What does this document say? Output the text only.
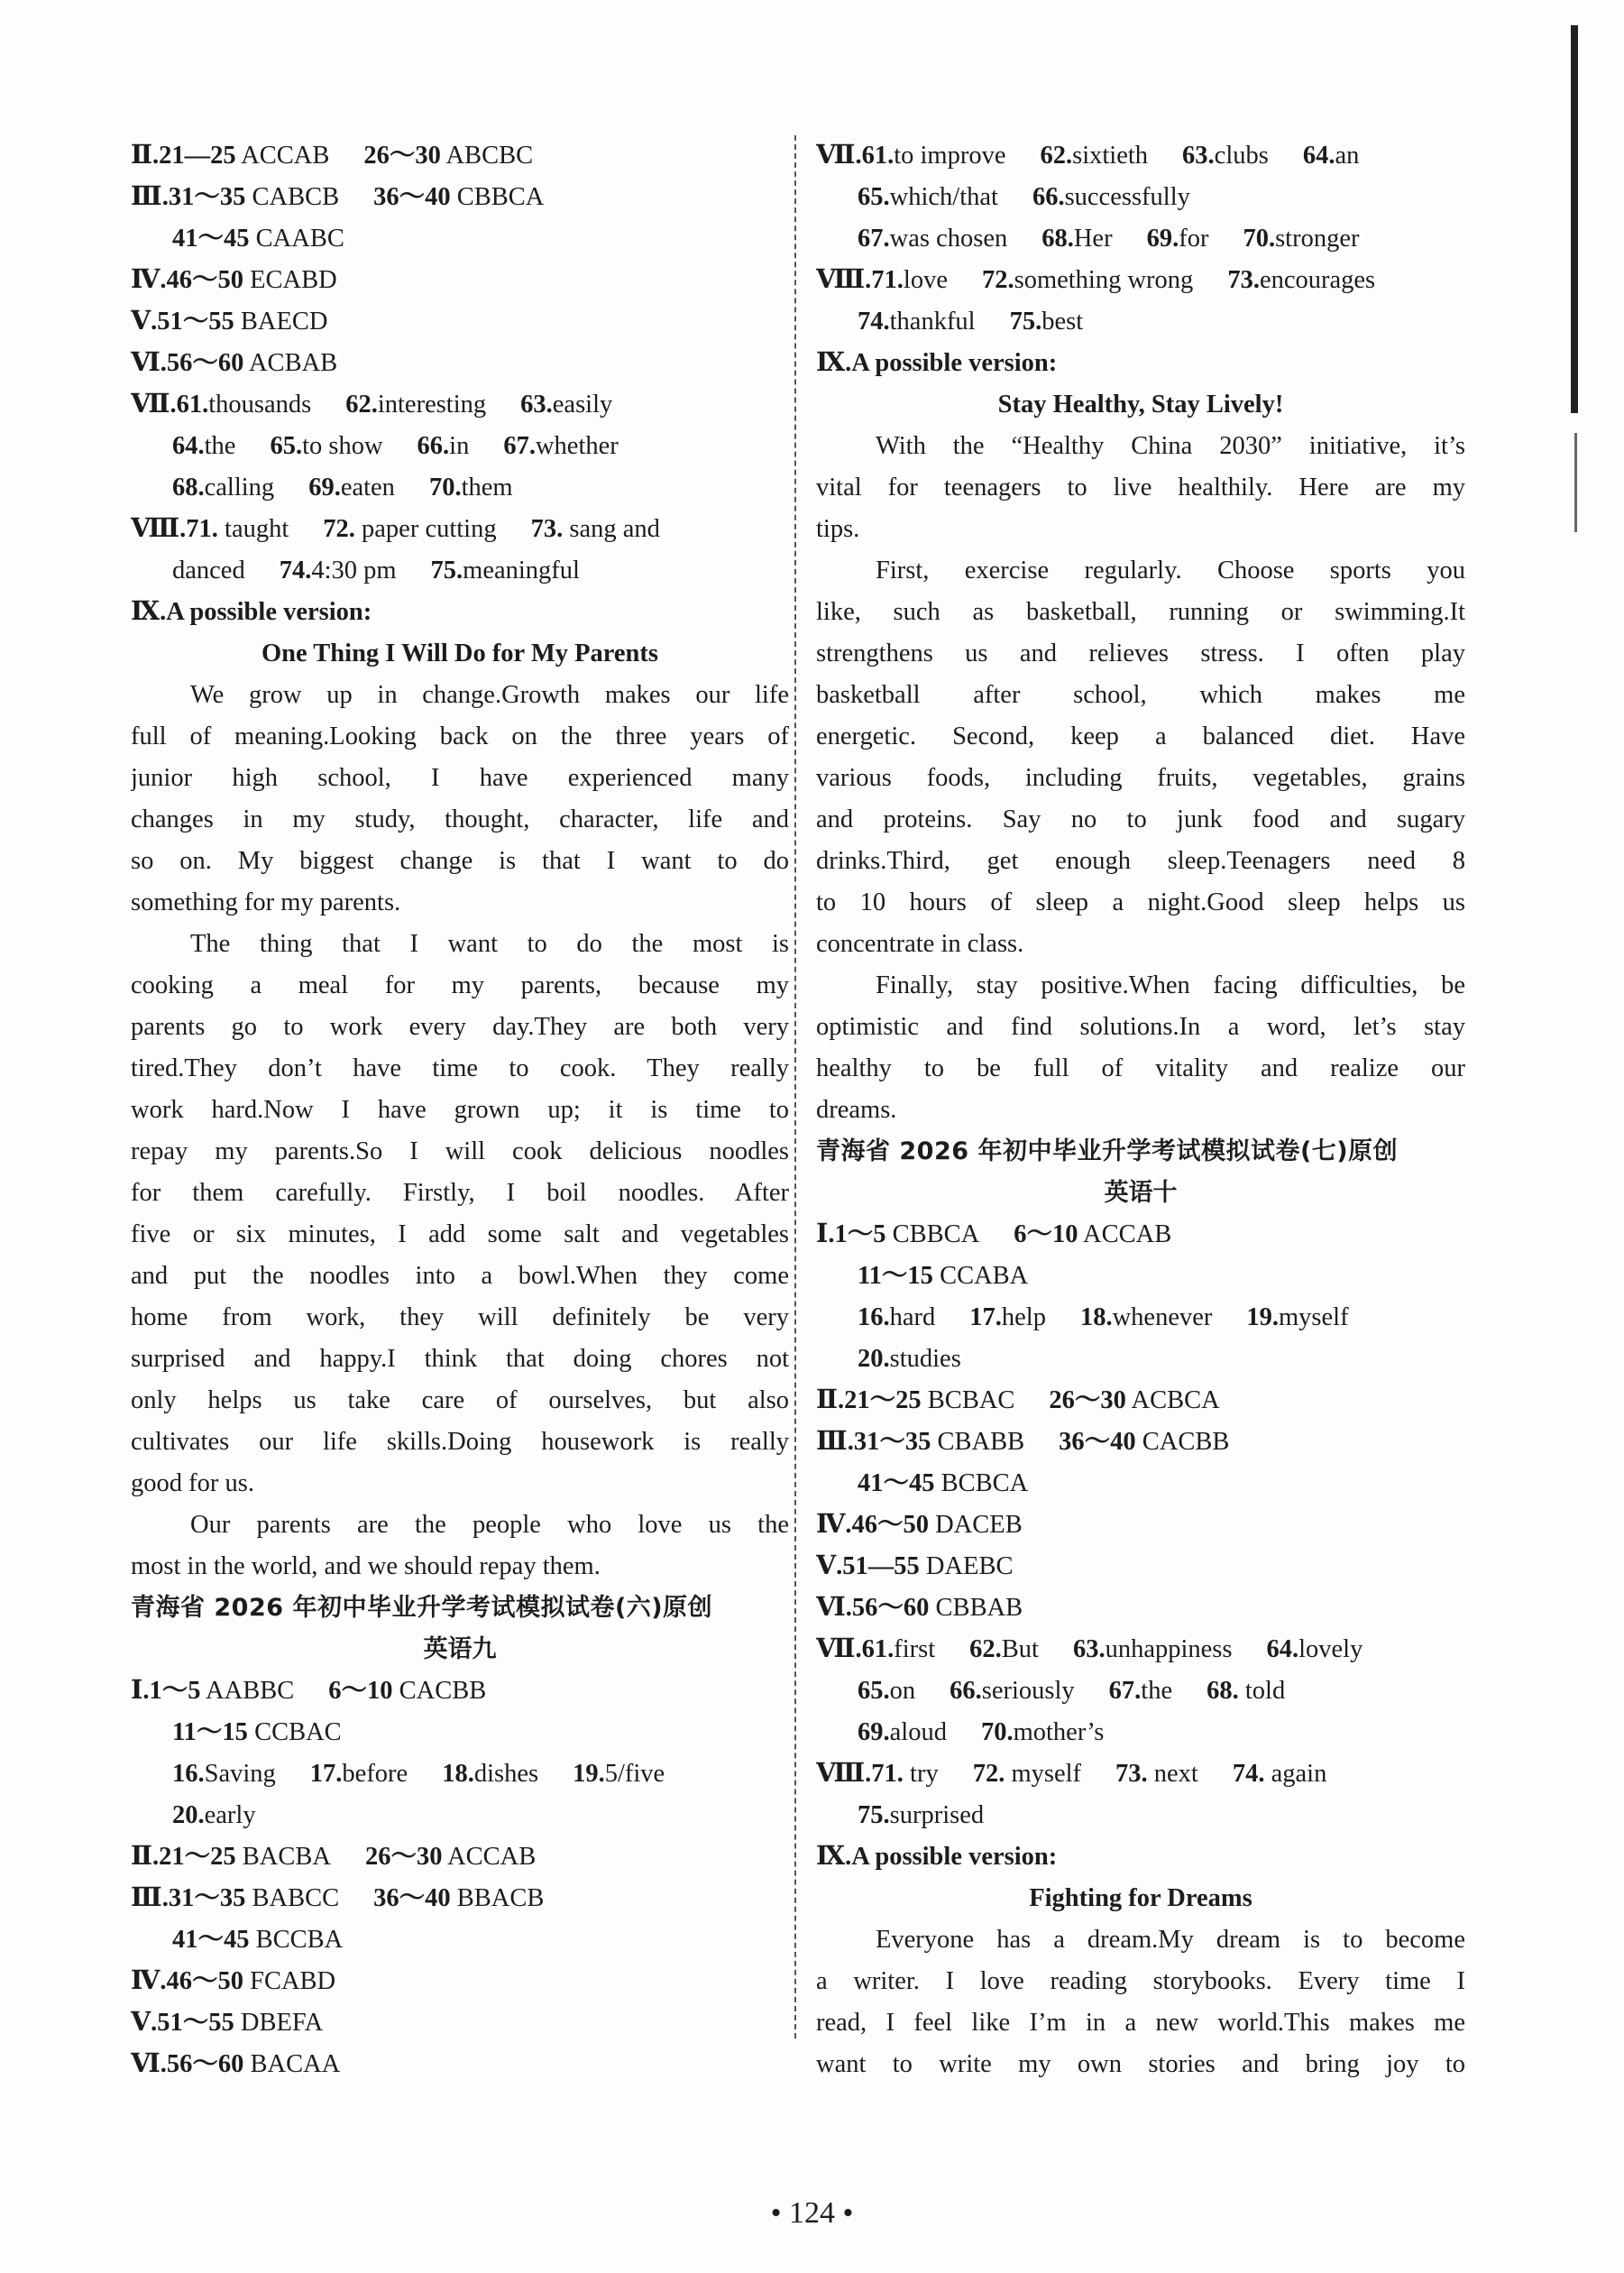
Ⅱ.21—25 ACCAB 26～30 ABCBC
Ⅲ.31～35 CABCB 36～40 CBBCA
41～45 CAABC
Ⅳ.46～50 ECABD
Ⅴ.51～55 BAECD
Ⅵ.56～60 ACBAB
Ⅶ.61.thousands 62.interesting 63.easily
64.the 65.to show 66.in 67.whether
68.calling 69.eaten 70.them
Ⅷ.71. taught 72. paper cutting 73. sang and
danced 74.4:30 pm 75.meaningful
Ⅸ.A possible version:
One Thing I Will Do for My Parents
We grow up in change.Growth makes our life
full of meaning.Looking back on the three years of
junior high school, I have experienced many
changes in my study, thought, character, life and
so on. My biggest change is that I want to do
something for my parents.
The thing that I want to do the most is
cooking a meal for my parents, because my
parents go to work every day.They are both very
tired.They don’t have time to cook. They really
work hard.Now I have grown up; it is time to
repay my parents.So I will cook delicious noodles
for them carefully. Firstly, I boil noodles. After
five or six minutes, I add some salt and vegetables
and put the noodles into a bowl.When they come
home from work, they will definitely be very
surprised and happy.I think that doing chores not
only helps us take care of ourselves, but also
cultivates our life skills.Doing housework is really
good for us.
Our parents are the people who love us the
most in the world, and we should repay them.
青海省 2026 年初中毕业升学考试模拟试卷(六)原创
英语九
Ⅰ.1～5 AABBC 6～10 CACBB
11～15 CCBAC
16.Saving 17.before 18.dishes 19.5/five
20.early
Ⅱ.21～25 BACBA 26～30 ACCAB
Ⅲ.31～35 BABCC 36～40 BBACB
41～45 BCCBA
Ⅳ.46～50 FCABD
Ⅴ.51～55 DBEFA
Ⅵ.56～60 BACAA
Ⅶ.61.to improve 62.sixtieth 63.clubs 64.an
65.which/that 66.successfully
67.was chosen 68.Her 69.for 70.stronger
Ⅷ.71.love 72.something wrong 73.encourages
74.thankful 75.best
Ⅸ.A possible version:
Stay Healthy, Stay Lively!
With the “Healthy China 2030” initiative, it’s
vital for teenagers to live healthily. Here are my
tips.
First, exercise regularly. Choose sports you
like, such as basketball, running or swimming.It
strengthens us and relieves stress. I often play
basketball after school, which makes me
energetic. Second, keep a balanced diet. Have
various foods, including fruits, vegetables, grains
and proteins. Say no to junk food and sugary
drinks.Third, get enough sleep.Teenagers need 8
to 10 hours of sleep a night.Good sleep helps us
concentrate in class.
Finally, stay positive.When facing difficulties, be
optimistic and find solutions.In a word, let’s stay
healthy to be full of vitality and realize our
dreams.
青海省 2026 年初中毕业升学考试模拟试卷(七)原创
英语十
Ⅰ.1～5 CBBCA 6～10 ACCAB
11～15 CCABA
16.hard 17.help 18.whenever 19.myself
20.studies
Ⅱ.21～25 BCBAC 26～30 ACBCA
Ⅲ.31～35 CBABB 36～40 CACBB
41～45 BCBCA
Ⅳ.46～50 DACEB
Ⅴ.51—55 DAEBC
Ⅵ.56～60 CBBAB
Ⅶ.61.first 62.But 63.unhappiness 64.lovely
65.on 66.seriously 67.the 68. told
69.aloud 70.mother’s
Ⅷ.71. try 72. myself 73. next 74. again
75.surprised
Ⅸ.A possible version:
Fighting for Dreams
Everyone has a dream.My dream is to become
a writer. I love reading storybooks. Every time I
read, I feel like I’m in a new world.This makes me
want to write my own stories and bring joy to
• 124 •
